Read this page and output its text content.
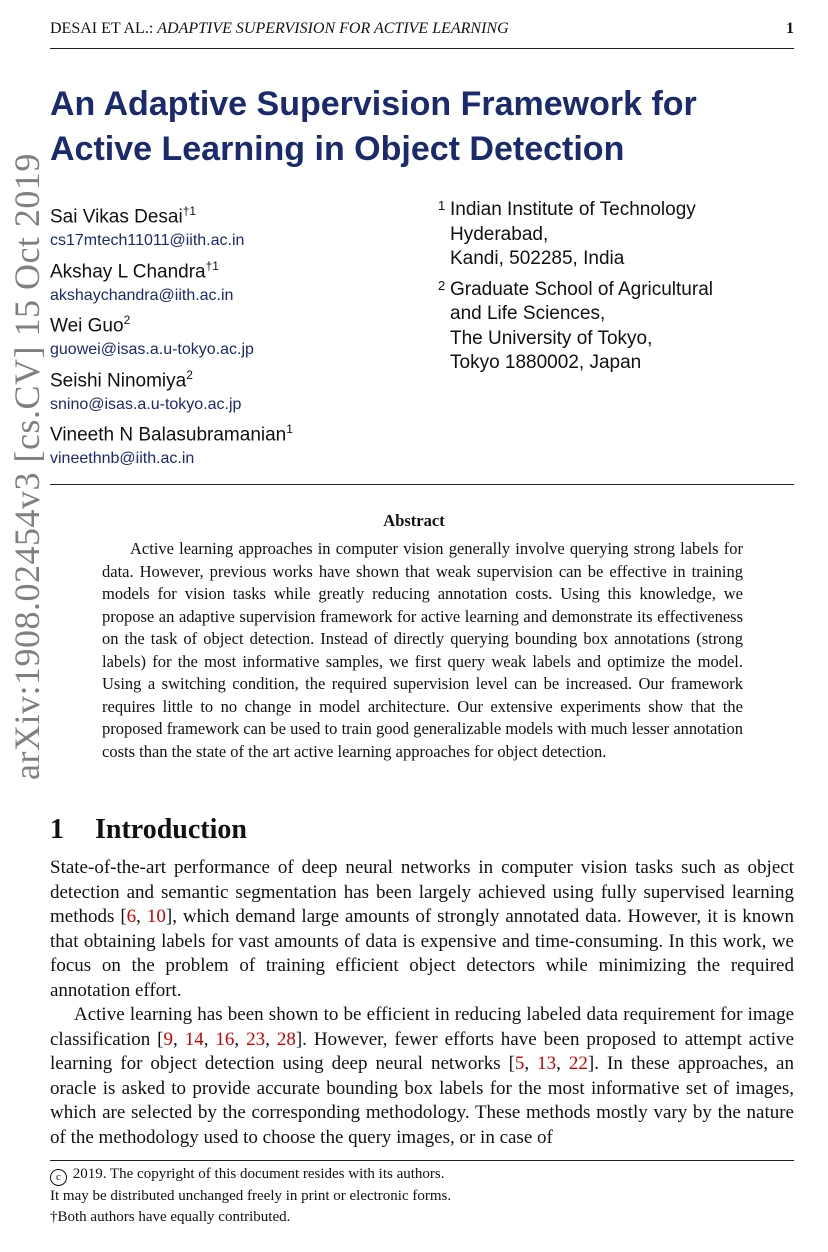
DESAI ET AL.: ADAPTIVE SUPERVISION FOR ACTIVE LEARNING	1
arXiv:1908.02454v3 [cs.CV] 15 Oct 2019
An Adaptive Supervision Framework for
Active Learning in Object Detection
Sai Vikas Desai$^{\dagger 1}$
cs17mtech11011@iith.ac.in
Akshay L Chandra$^{\dagger 1}$
akshaychandra@iith.ac.in
Wei Guo$^2$
guowei@isas.a.u-tokyo.ac.jp
Seishi Ninomiya$^2$
snino@isas.a.u-tokyo.ac.jp
Vineeth N Balasubramanian$^1$
vineethnb@iith.ac.in
1 Indian Institute of Technology
Hyderabad,
Kandi, 502285, India
2 Graduate School of Agricultural
and Life Sciences,
The University of Tokyo,
Tokyo 1880002, Japan
Abstract

Active learning approaches in computer vision generally involve querying strong labels for data. However, previous works have shown that weak supervision can be effective in training models for vision tasks while greatly reducing annotation costs. Using this knowledge, we propose an adaptive supervision framework for active learning and demonstrate its effectiveness on the task of object detection. Instead of directly querying bounding box annotations (strong labels) for the most informative samples, we first query weak labels and optimize the model. Using a switching condition, the required supervision level can be increased. Our framework requires little to no change in model architecture. Our extensive experiments show that the proposed framework can be used to train good generalizable models with much lesser annotation costs than the state of the art active learning approaches for object detection.

1 Introduction

State-of-the-art performance of deep neural networks in computer vision tasks such as object detection and semantic segmentation has been largely achieved using fully supervised learning methods [6, 10], which demand large amounts of strongly annotated data. However, it is known that obtaining labels for vast amounts of data is expensive and time-consuming. In this work, we focus on the problem of training efficient object detectors while minimizing the required annotation effort.

Active learning has been shown to be efficient in reducing labeled data requirement for image classification [9, 14, 16, 23, 28]. However, fewer efforts have been proposed to attempt active learning for object detection using deep neural networks [5, 13, 22]. In these approaches, an oracle is asked to provide accurate bounding box labels for the most informative set of images, which are selected by the corresponding methodology. These methods mostly vary by the nature of the methodology used to choose the query images, or in case of

c 2019. The copyright of this document resides with its authors.
It may be distributed unchanged freely in print or electronic forms.
†Both authors have equally contributed.
